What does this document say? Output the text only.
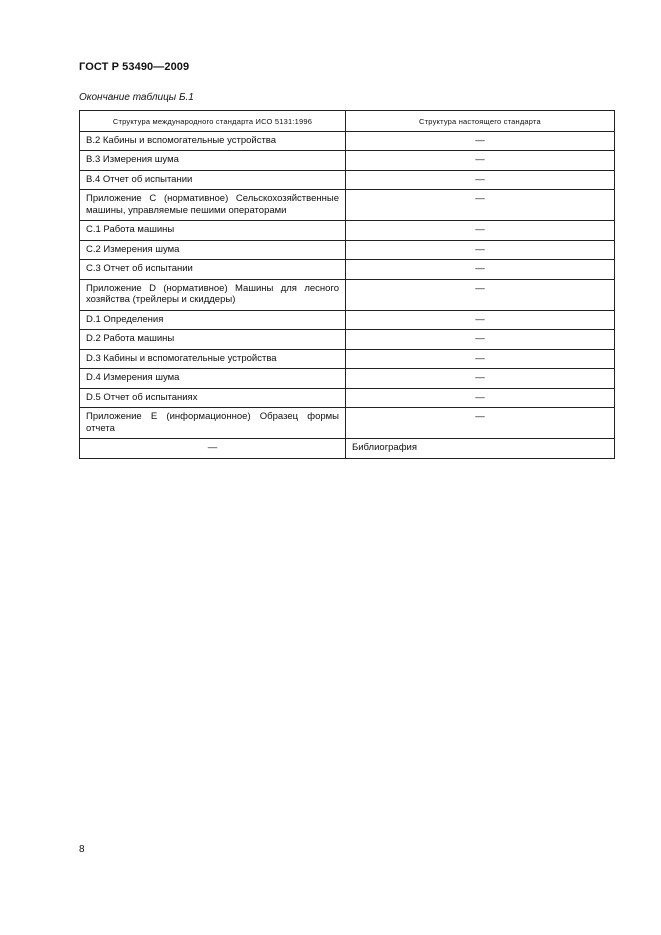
ГОСТ Р 53490—2009
Окончание таблицы Б.1
Структура международного стандарта ИСО 5131:1996	Структура настоящего стандарта
B.2 Кабины и вспомогательные устройства	—
B.3 Измерения шума	—
B.4 Отчет об испытании	—
Приложение С (нормативное) Сельскохозяйственные машины, управляемые пешими операторами	—
C.1 Работа машины	—
C.2 Измерения шума	—
C.3 Отчет об испытании	—
Приложение D (нормативное) Машины для лесного хозяйства (трейлеры и скиддеры)	—
D.1 Определения	—
D.2 Работа машины	—
D.3 Кабины и вспомогательные устройства	—
D.4 Измерения шума	—
D.5 Отчет об испытаниях	—
Приложение Е (информационное) Образец формы отчета	—
—	Библиография
8
